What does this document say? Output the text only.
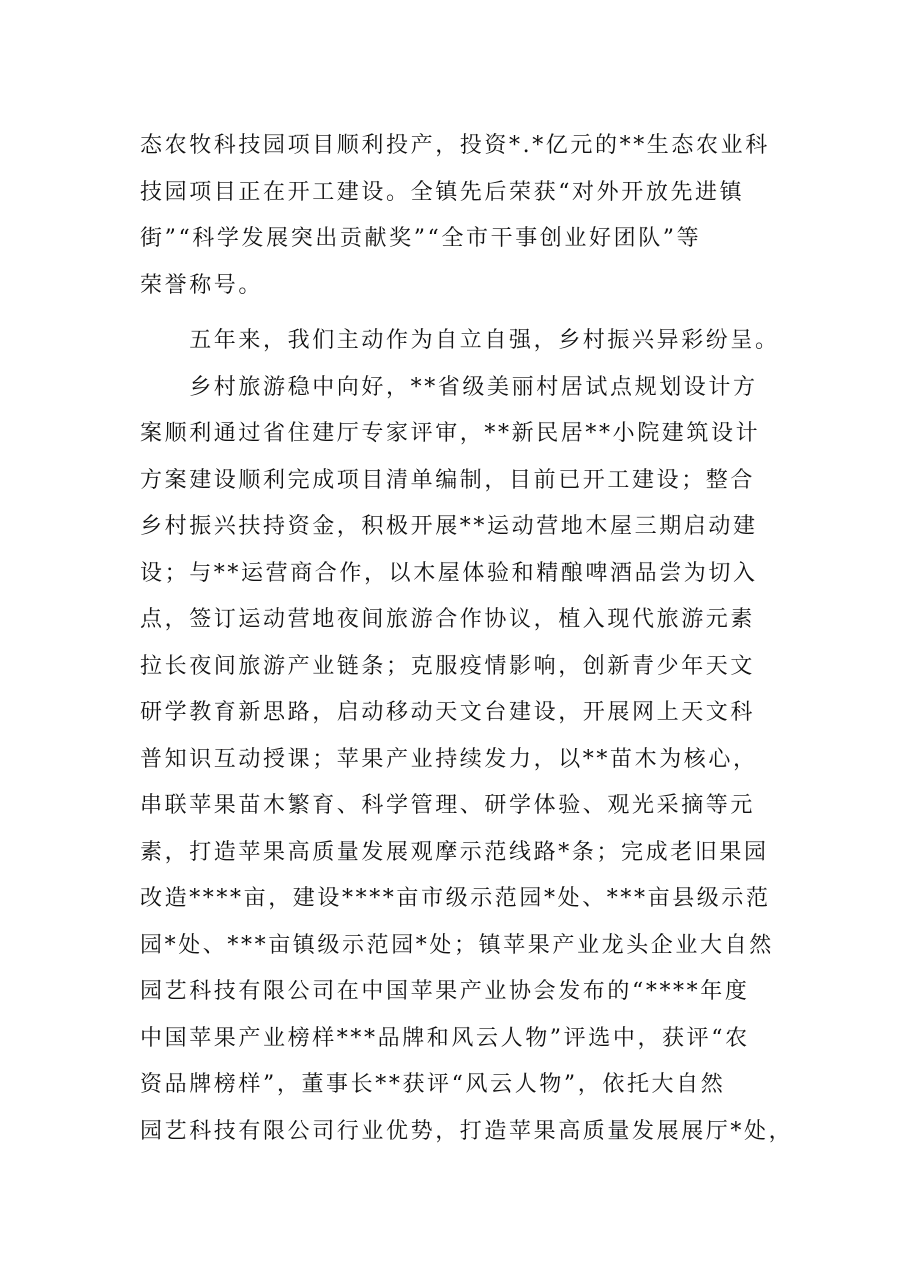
态农牧科技园项目顺利投产，投资*.*亿元的**生态农业科
技园项目正在开工建设。全镇先后荣获“对外开放先进镇
街”“科学发展突出贡献奖”“全市干事创业好团队”等
荣誉称号。
　　五年来，我们主动作为自立自强，乡村振兴异彩纷呈。
　　乡村旅游稳中向好，**省级美丽村居试点规划设计方
案顺利通过省住建厅专家评审，**新民居**小院建筑设计
方案建设顺利完成项目清单编制，目前已开工建设；整合
乡村振兴扶持资金，积极开展**运动营地木屋三期启动建
设；与**运营商合作，以木屋体验和精酿啤酒品尝为切入
点，签订运动营地夜间旅游合作协议，植入现代旅游元素
拉长夜间旅游产业链条；克服疫情影响，创新青少年天文
研学教育新思路，启动移动天文台建设，开展网上天文科
普知识互动授课；苹果产业持续发力，以**苗木为核心，
串联苹果苗木繁育、科学管理、研学体验、观光采摘等元
素，打造苹果高质量发展观摩示范线路*条；完成老旧果园
改造****亩，建设****亩市级示范园*处、***亩县级示范
园*处、***亩镇级示范园*处；镇苹果产业龙头企业大自然
园艺科技有限公司在中国苹果产业协会发布的“****年度
中国苹果产业榜样***品牌和风云人物”评选中，获评“农
资品牌榜样”，董事长**获评“风云人物”，依托大自然
园艺科技有限公司行业优势，打造苹果高质量发展展厅*处，
